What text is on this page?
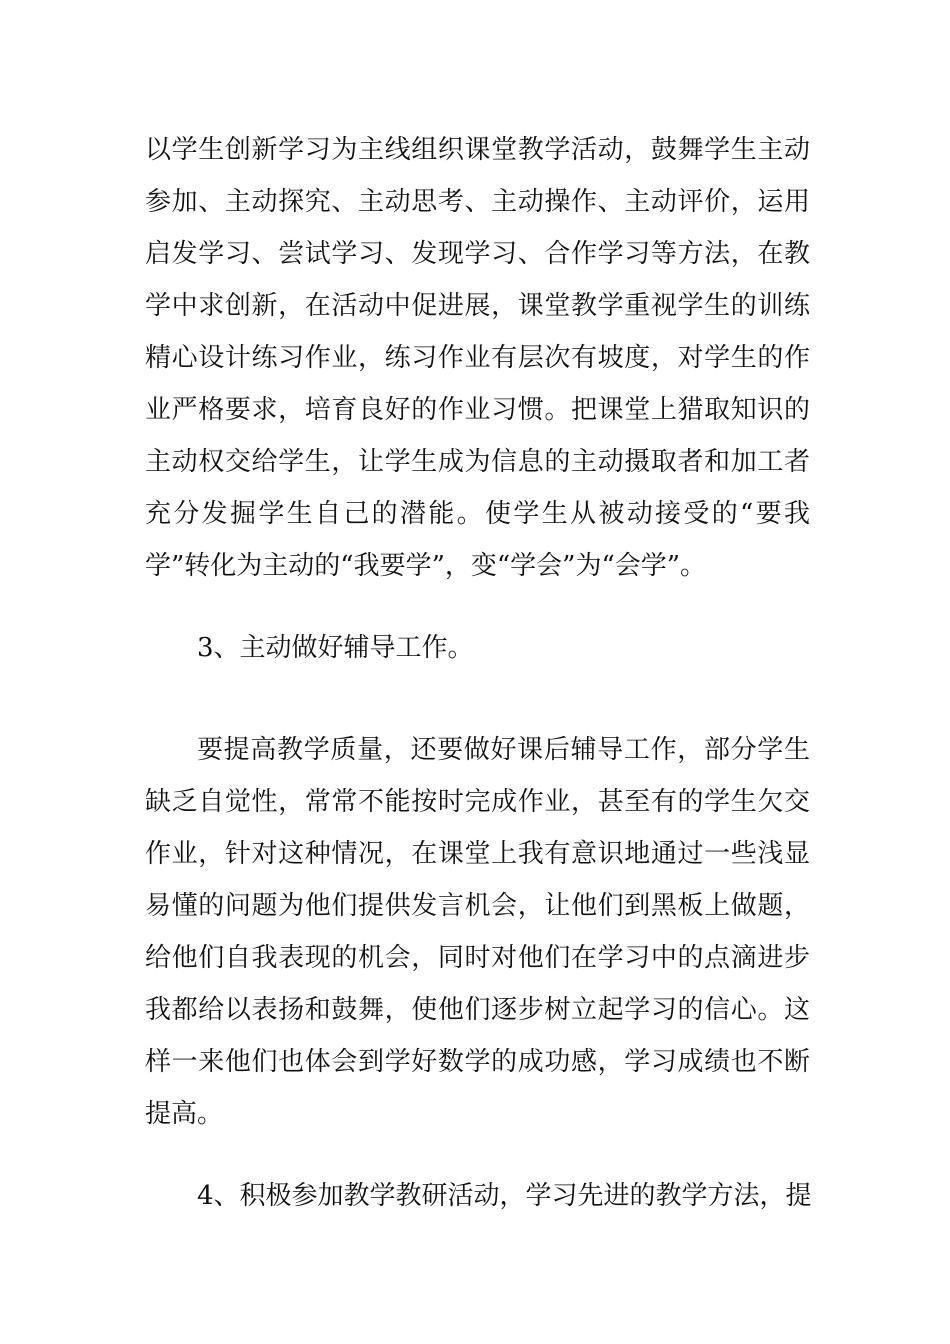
以学生创新学习为主线组织课堂教学活动，鼓舞学生主动
参加、主动探究、主动思考、主动操作、主动评价，运用
启发学习、尝试学习、发现学习、合作学习等方法，在教
学中求创新，在活动中促进展，课堂教学重视学生的训练
精心设计练习作业，练习作业有层次有坡度，对学生的作
业严格要求，培育良好的作业习惯。把课堂上猎取知识的
主动权交给学生，让学生成为信息的主动摄取者和加工者
充分发掘学生自己的潜能。使学生从被动接受的“要我
学”转化为主动的“我要学”，变“学会”为“会学”。
3、主动做好辅导工作。
要提高教学质量，还要做好课后辅导工作，部分学生
缺乏自觉性，常常不能按时完成作业，甚至有的学生欠交
作业，针对这种情况，在课堂上我有意识地通过一些浅显
易懂的问题为他们提供发言机会，让他们到黑板上做题，
给他们自我表现的机会，同时对他们在学习中的点滴进步
我都给以表扬和鼓舞，使他们逐步树立起学习的信心。这
样一来他们也体会到学好数学的成功感，学习成绩也不断
提高。
4、积极参加教学教研活动，学习先进的教学方法，提
